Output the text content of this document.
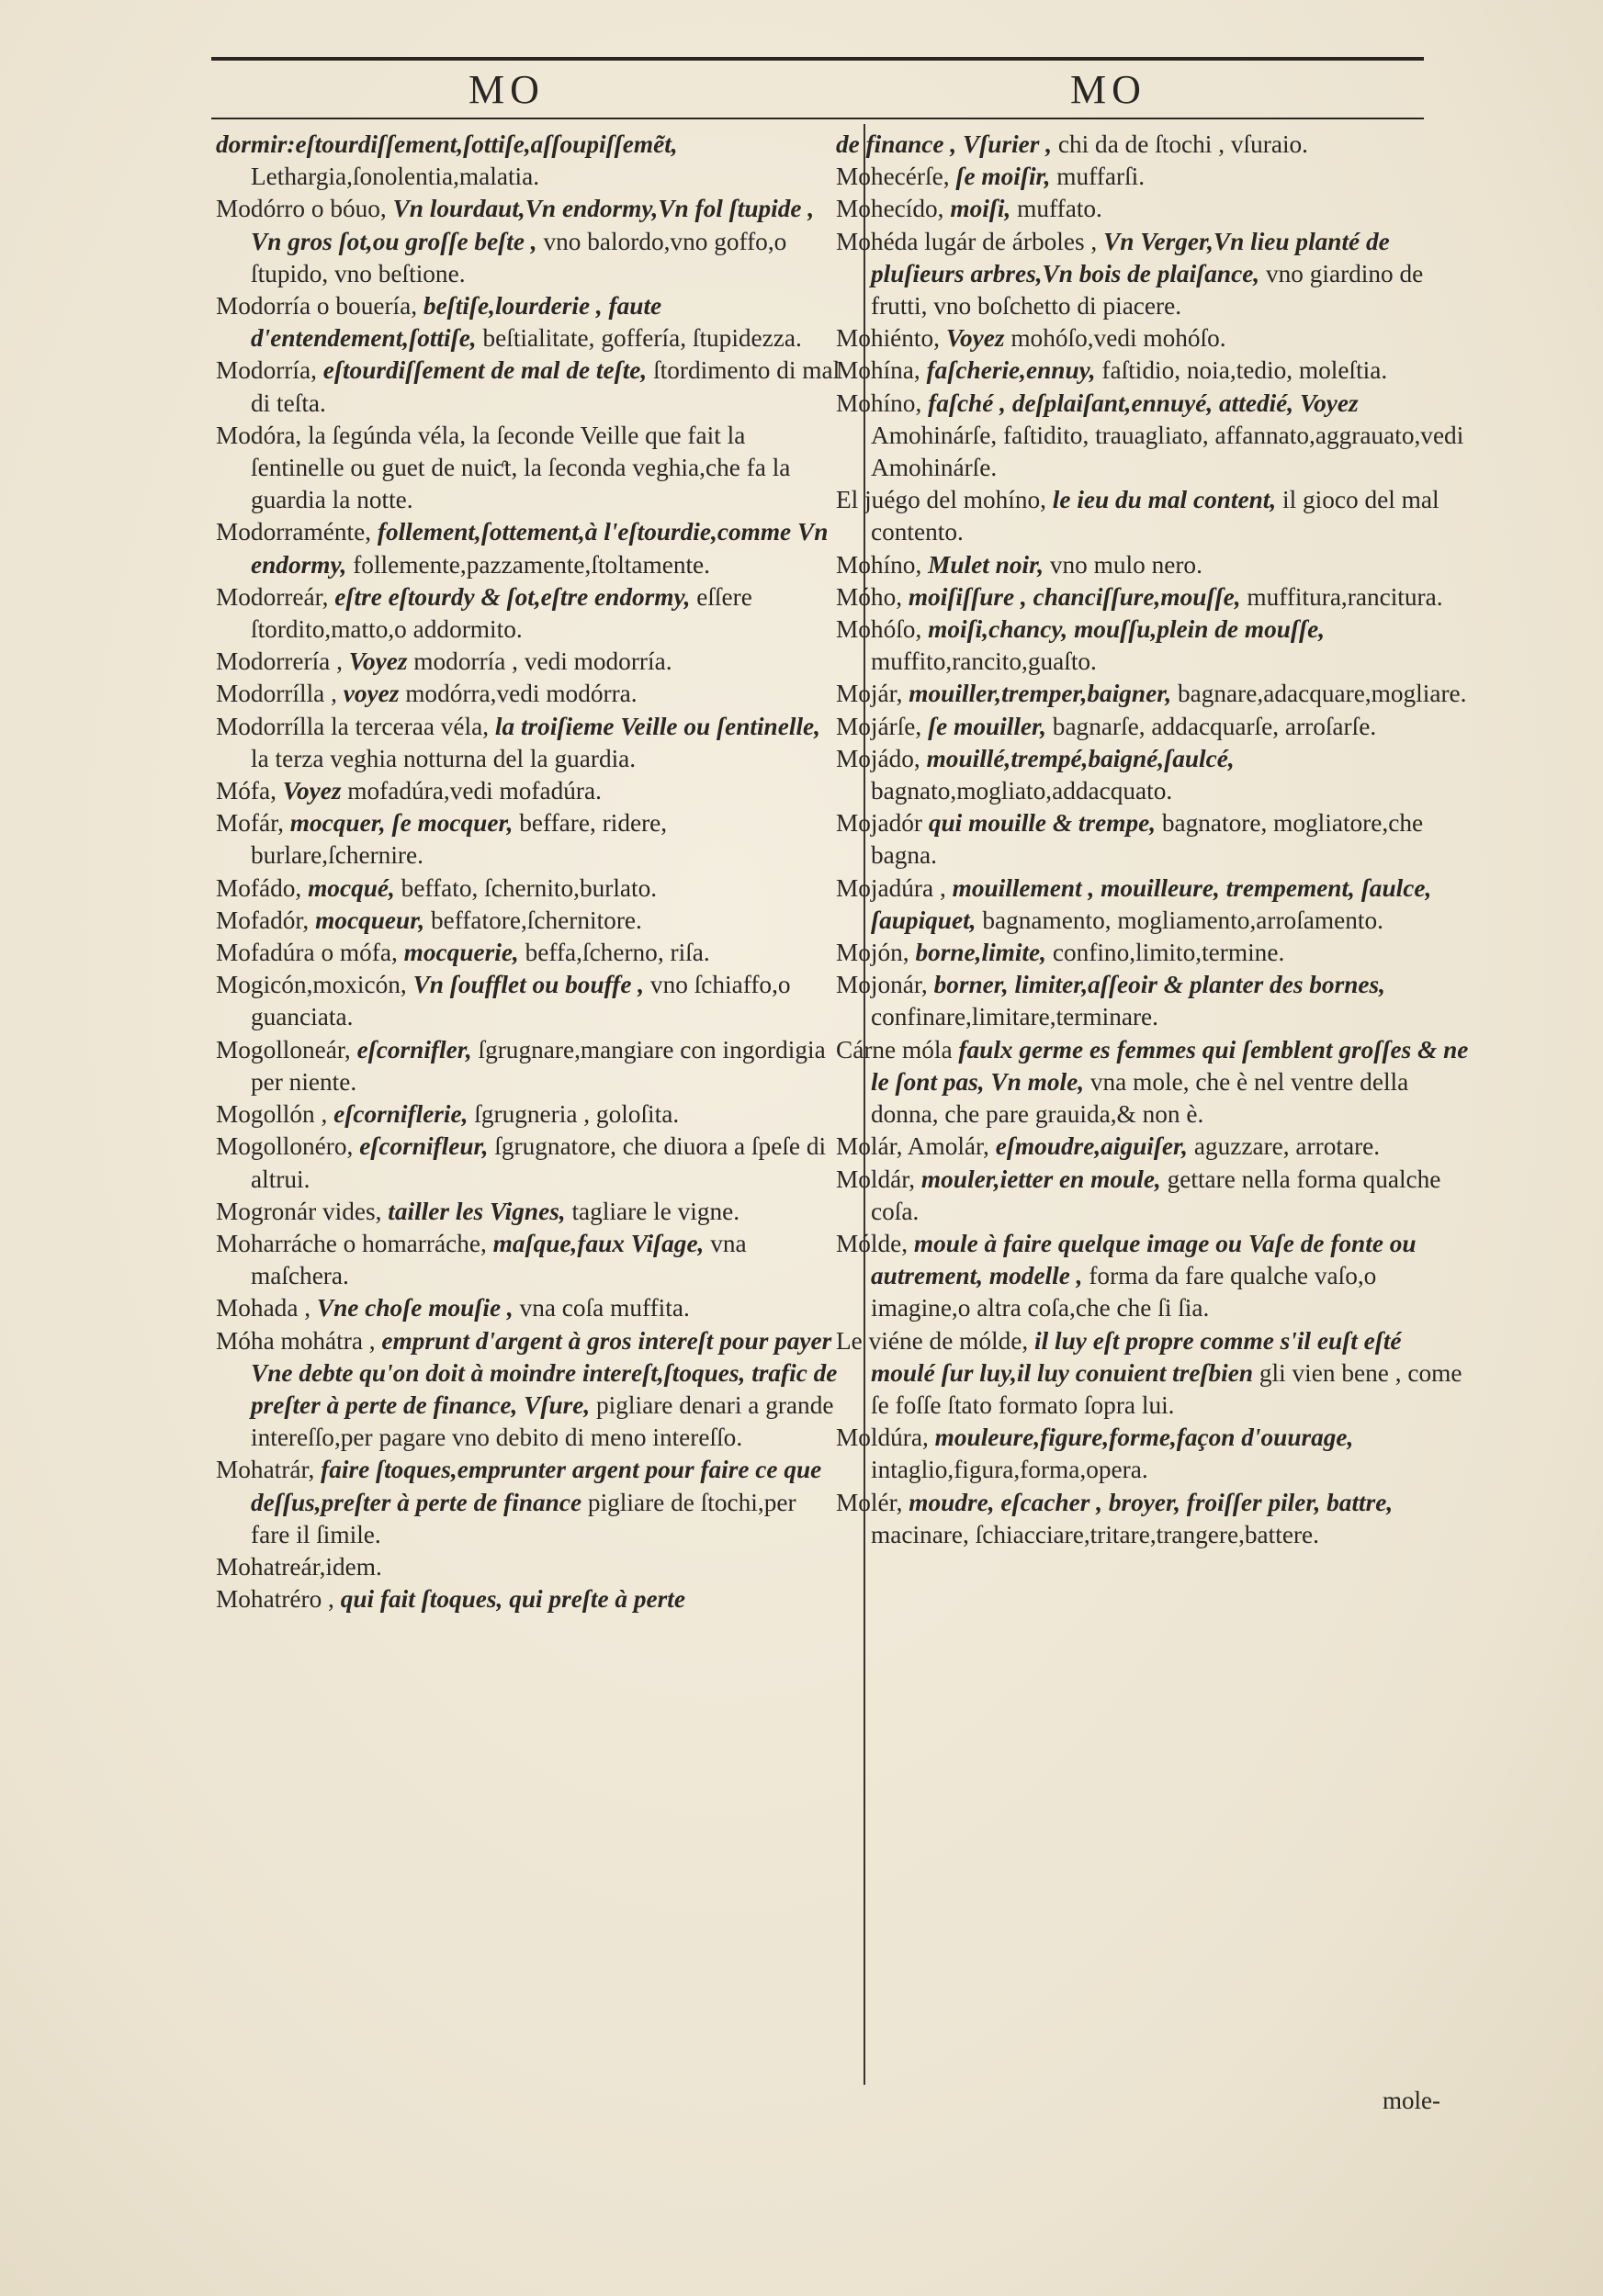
MO	MO

dormir:eſtourdiſſement,ſottiſe,aſſoupiſſemẽt, Lethargia,ſonolentia,malatia.

Modórro o bóuo, Vn lourdaut,Vn endormy,Vn fol ſtupide , Vn gros ſot,ou groſſe beſte , vno balordo,vno goffo,o ſtupido, vno beſtione.

Modorría o bouería, beſtiſe,lourderie , faute d'entendement,ſottiſe, beſtialitate, goffería, ſtupidezza.

Modorría, eſtourdiſſement de mal de teſte, ſtordimento di mal di teſta.

Modóra, la ſegúnda véla, la ſeconde Veille que fait la ſentinelle ou guet de nuiƈt, la ſeconda veghia,che fa la guardia la notte.

Modorraménte, follement,ſottement,à l'eſtourdie,comme Vn endormy, follemente,pazzamente,ſtoltamente.

Modorreár, eſtre eſtourdy & ſot,eſtre endormy, eſſere ſtordito,matto,o addormito.

Modorrería , Voyez modorría , vedi modorría.

Modorrílla , voyez modórra,vedi modórra.

Modorrílla la terceraa véla, la troiſieme Veille ou ſentinelle, la terza veghia notturna del la guardia.

Mófa, Voyez mofadúra,vedi mofadúra.

Mofár, mocquer, ſe mocquer, beffare, ridere, burlare,ſchernire.

Mofádo, mocqué, beffato, ſchernito,burlato.

Mofadór, mocqueur, beffatore,ſchernitore.

Mofadúra o mófa, mocquerie, beffa,ſcherno, riſa.

Mogicón,moxicón, Vn ſoufflet ou bouffe , vno ſchiaffo,o guanciata.

Mogolloneár, eſcornifler, ſgrugnare,mangiare con ingordigia per niente.

Mogollón , eſcorniflerie, ſgrugneria , goloſita.

Mogollonéro, eſcornifleur, ſgrugnatore, che diuora a ſpeſe di altrui.

Mogronár vides, tailler les Vignes, tagliare le vigne.

Moharráche o homarráche, maſque,faux Viſage, vna maſchera.

Mohada , Vne choſe mouſie , vna coſa muffita.

Móha mohátra , emprunt d'argent à gros intereſt pour payer Vne debte qu'on doit à moindre intereſt,ſtoques, trafic de preſter à perte de finance, Vſure, pigliare denari a grande intereſſo,per pagare vno debito di meno intereſſo.

Mohatrár, faire ſtoques,emprunter argent pour faire ce que deſſus,preſter à perte de finance pigliare de ſtochi,per fare il ſimile.

Mohatreár,idem.

Mohatréro , qui fait ſtoques, qui preſte à perte

de finance , Vſurier , chi da de ſtochi , vſuraio.

Mohecérſe, ſe moiſir, muffarſi.

Mohecído, moiſi, muffato.

Mohéda lugár de árboles , Vn Verger,Vn lieu planté de pluſieurs arbres,Vn bois de plaiſance, vno giardino de frutti, vno boſchetto di piacere.

Mohiénto, Voyez mohóſo,vedi mohóſo.

Mohína, faſcherie,ennuy, faſtidio, noia,tedio, moleſtia.

Mohíno, faſché , deſplaiſant,ennuyé, attedié, Voyez Amohinárſe, faſtidito, trauagliato, affannato,aggrauato,vedi Amohinárſe.

El juégo del mohíno, le ieu du mal content, il gioco del mal contento.

Mohíno, Mulet noir, vno mulo nero.

Móho, moiſiſſure , chanciſſure,mouſſe, muffitura,rancitura.

Mohóſo, moiſi,chancy, mouſſu,plein de mouſſe, muffito,rancito,guaſto.

Mojár, mouiller,tremper,baigner, bagnare,adacquare,mogliare.

Mojárſe, ſe mouiller, bagnarſe, addacquarſe, arroſarſe.

Mojádo, mouillé,trempé,baigné,ſaulcé, bagnato,mogliato,addacquato.

Mojadór qui mouille & trempe, bagnatore, mogliatore,che bagna.

Mojadúra , mouillement , mouilleure, trempement, ſaulce, ſaupiquet, bagnamento, mogliamento,arroſamento.

Mojón, borne,limite, confino,limito,termine.

Mojonár, borner, limiter,aſſeoir & planter des bornes, confinare,limitare,terminare.

Cárne móla faulx germe es femmes qui ſemblent groſſes & ne le ſont pas, Vn mole, vna mole, che è nel ventre della donna, che pare grauida,& non è.

Molár, Amolár, eſmoudre,aiguiſer, aguzzare, arrotare.

Moldár, mouler,ietter en moule, gettare nella forma qualche coſa.

Mólde, moule à faire quelque image ou Vaſe de fonte ou autrement, modelle , forma da fare qualche vaſo,o imagine,o altra coſa,che che ſi ſia.

Le viéne de mólde, il luy eſt propre comme s'il euſt eſté moulé ſur luy,il luy conuient treſbien gli vien bene , come ſe foſſe ſtato formato ſopra lui.

Moldúra, mouleure,figure,forme,façon d'ouurage, intaglio,figura,forma,opera.

Molér, moudre, eſcacher , broyer, froiſſer piler, battre, macinare, ſchiacciare,tritare,trangere,battere.

mole-
